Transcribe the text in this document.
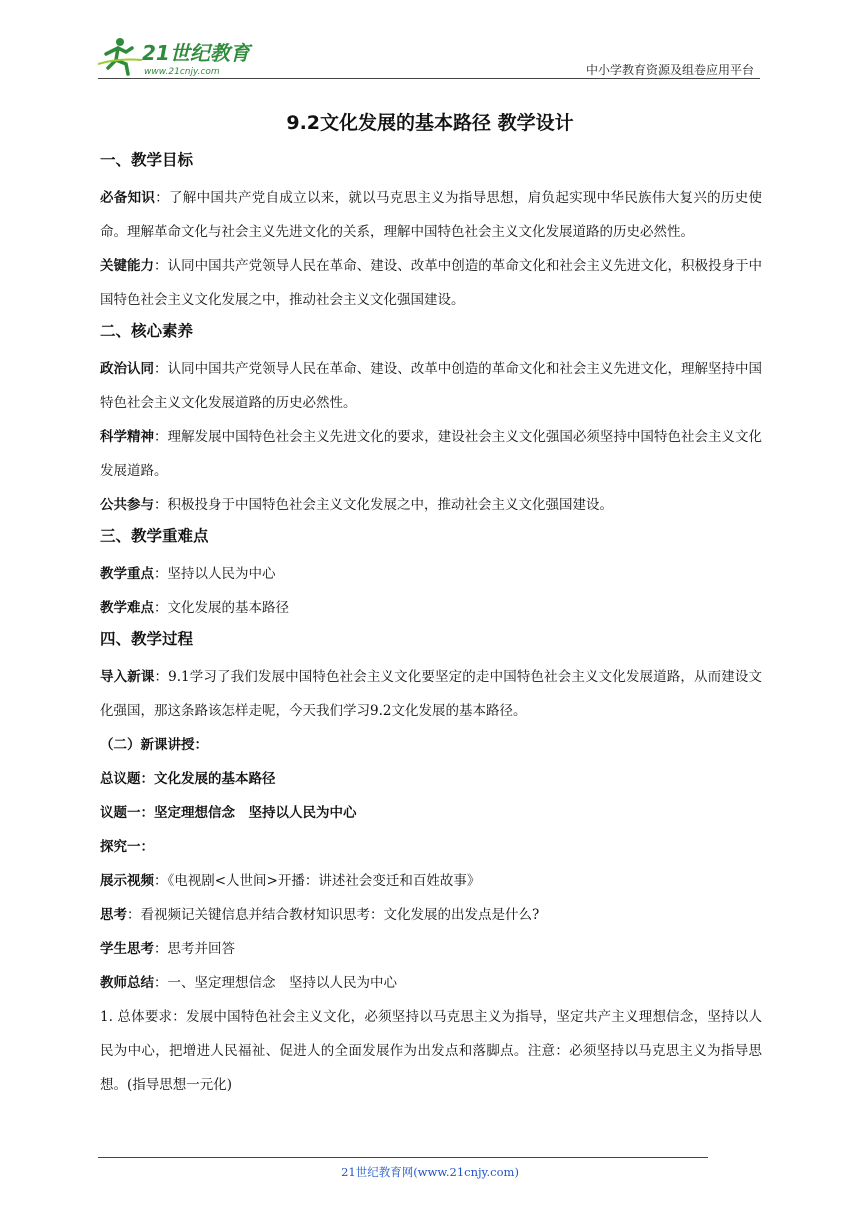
21世纪教育
www.21cnjy.com	中小学教育资源及组卷应用平台
9.2文化发展的基本路径 教学设计
一、教学目标

必备知识：了解中国共产党自成立以来，就以马克思主义为指导思想，肩负起实现中华民族伟大复兴的历史使命。理解革命文化与社会主义先进文化的关系，理解中国特色社会主义文化发展道路的历史必然性。

关键能力：认同中国共产党领导人民在革命、建设、改革中创造的革命文化和社会主义先进文化，积极投身于中国特色社会主义文化发展之中，推动社会主义文化强国建设。

二、核心素养

政治认同：认同中国共产党领导人民在革命、建设、改革中创造的革命文化和社会主义先进文化，理解坚持中国特色社会主义文化发展道路的历史必然性。

科学精神：理解发展中国特色社会主义先进文化的要求，建设社会主义文化强国必须坚持中国特色社会主义文化发展道路。

公共参与：积极投身于中国特色社会主义文化发展之中，推动社会主义文化强国建设。

三、教学重难点

教学重点：坚持以人民为中心

教学难点：文化发展的基本路径

四、教学过程

导入新课：9.1学习了我们发展中国特色社会主义文化要坚定的走中国特色社会主义文化发展道路，从而建设文化强国，那这条路该怎样走呢，今天我们学习9.2文化发展的基本路径。

（二）新课讲授：

总议题：文化发展的基本路径

议题一：坚定理想信念　坚持以人民为中心

探究一：

展示视频：《电视剧<人世间>开播：讲述社会变迁和百姓故事》

思考：看视频记关键信息并结合教材知识思考：文化发展的出发点是什么?

学生思考：思考并回答

教师总结：一、坚定理想信念　坚持以人民为中心

1. 总体要求：发展中国特色社会主义文化，必须坚持以马克思主义为指导，坚定共产主义理想信念，坚持以人民为中心，把增进人民福祉、促进人的全面发展作为出发点和落脚点。注意：必须坚持以马克思主义为指导思想。(指导思想一元化)

21世纪教育网(www.21cnjy.com)
